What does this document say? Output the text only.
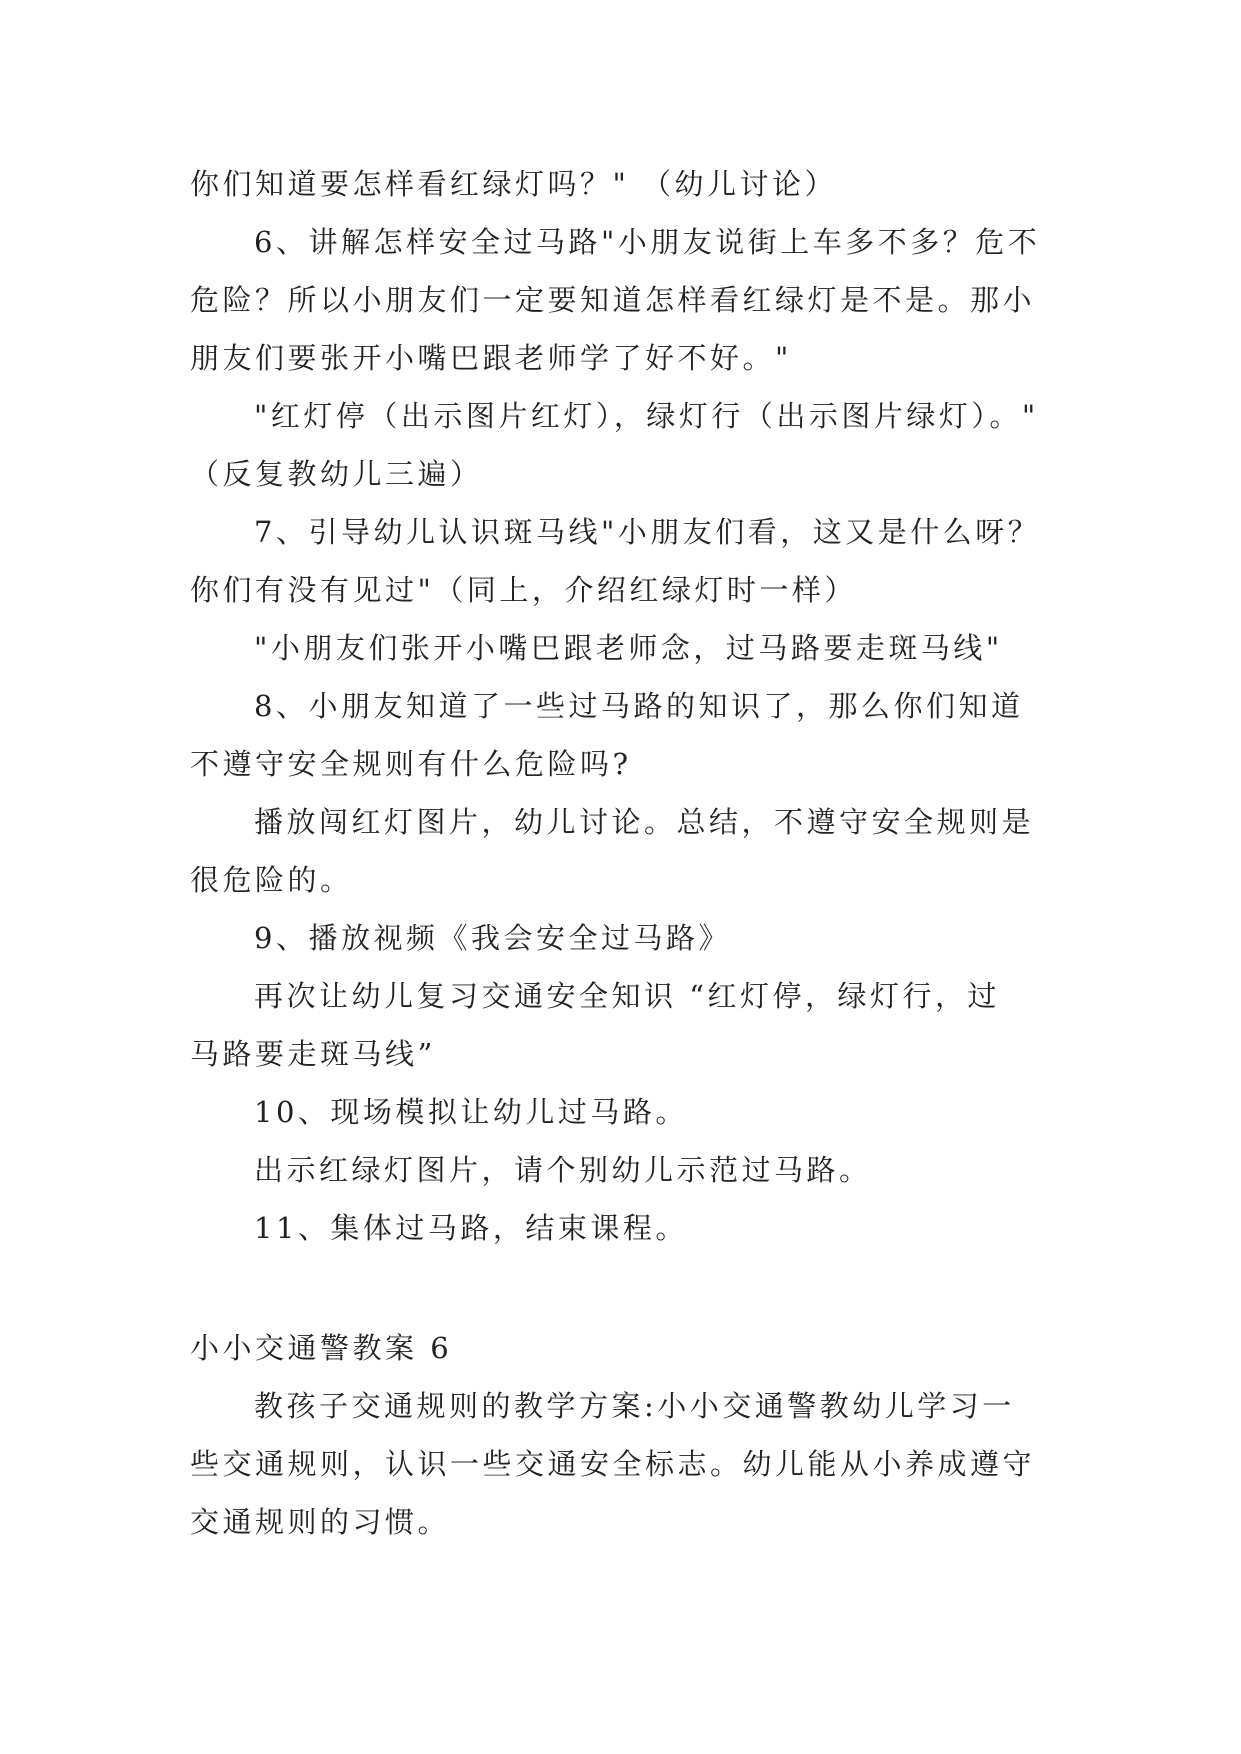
你们知道要怎样看红绿灯吗？" （幼儿讨论）
6、讲解怎样安全过马路"小朋友说街上车多不多？危不
危险？所以小朋友们一定要知道怎样看红绿灯是不是。那小
朋友们要张开小嘴巴跟老师学了好不好。"
"红灯停（出示图片红灯），绿灯行（出示图片绿灯）。"
（反复教幼儿三遍）
7、引导幼儿认识斑马线"小朋友们看，这又是什么呀？
你们有没有见过"（同上，介绍红绿灯时一样）
"小朋友们张开小嘴巴跟老师念，过马路要走斑马线"
8、小朋友知道了一些过马路的知识了，那么你们知道
不遵守安全规则有什么危险吗?
播放闯红灯图片，幼儿讨论。总结，不遵守安全规则是
很危险的。
9、播放视频《我会安全过马路》
再次让幼儿复习交通安全知识 “红灯停，绿灯行，过
马路要走斑马线”
10、现场模拟让幼儿过马路。
出示红绿灯图片，请个别幼儿示范过马路。
11、集体过马路，结束课程。
小小交通警教案 6
教孩子交通规则的教学方案:小小交通警教幼儿学习一
些交通规则，认识一些交通安全标志。幼儿能从小养成遵守
交通规则的习惯。
